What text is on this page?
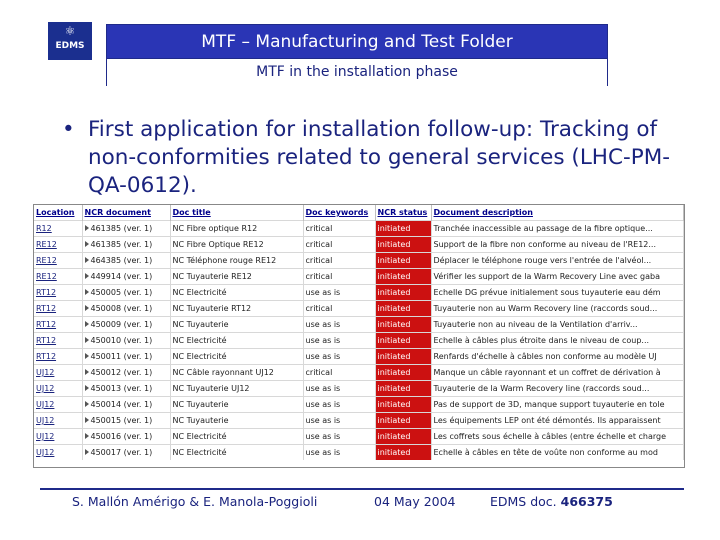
⚛
EDMS	MTF – Manufacturing and Test Folder
MTF in the installation phase
• First application for installation follow-up: Tracking of non-conformities related to general services (LHC-PM-QA-0612).
Location	NCR document	Doc title	Doc keywords	NCR status	Document description
R12	461385 (ver. 1)	NC Fibre optique R12	critical	initiated	Tranchée inaccessible au passage de la fibre optique...
RE12	461385 (ver. 1)	NC Fibre Optique RE12	critical	initiated	Support de la fibre non conforme au niveau de l'RE12...
RE12	464385 (ver. 1)	NC Téléphone rouge RE12	critical	initiated	Déplacer le téléphone rouge vers l'entrée de l'alvéol...
RE12	449914 (ver. 1)	NC Tuyauterie RE12	critical	initiated	Vérifier les support de la Warm Recovery Line avec gaba
RT12	450005 (ver. 1)	NC Electricité	use as is	initiated	Echelle DG prévue initialement sous tuyauterie eau dém
RT12	450008 (ver. 1)	NC Tuyauterie RT12	critical	initiated	Tuyauterie non au Warm Recovery line (raccords soud...
RT12	450009 (ver. 1)	NC Tuyauterie	use as is	initiated	Tuyauterie non au niveau de la Ventilation d'arriv...
RT12	450010 (ver. 1)	NC Electricité	use as is	initiated	Echelle à câbles plus étroite dans le niveau de coup...
RT12	450011 (ver. 1)	NC Electricité	use as is	initiated	Renfards d'échelle à câbles non conforme au modèle UJ
UJ12	450012 (ver. 1)	NC Câble rayonnant UJ12	critical	initiated	Manque un câble rayonnant et un coffret de dérivation à
UJ12	450013 (ver. 1)	NC Tuyauterie UJ12	use as is	initiated	Tuyauterie de la Warm Recovery line (raccords soud...
UJ12	450014 (ver. 1)	NC Tuyauterie	use as is	initiated	Pas de support de 3D, manque support tuyauterie en tole
UJ12	450015 (ver. 1)	NC Tuyauterie	use as is	initiated	Les équipements LEP ont été démontés. Ils apparaissent
UJ12	450016 (ver. 1)	NC Electricité	use as is	initiated	Les coffrets sous échelle à câbles (entre échelle et charge
UJ12	450017 (ver. 1)	NC Electricité	use as is	initiated	Echelle à câbles en tête de voûte non conforme au mod
S. Mallón Amérigo & E. Manola-Poggioli	04 May 2004	EDMS doc. 466375
